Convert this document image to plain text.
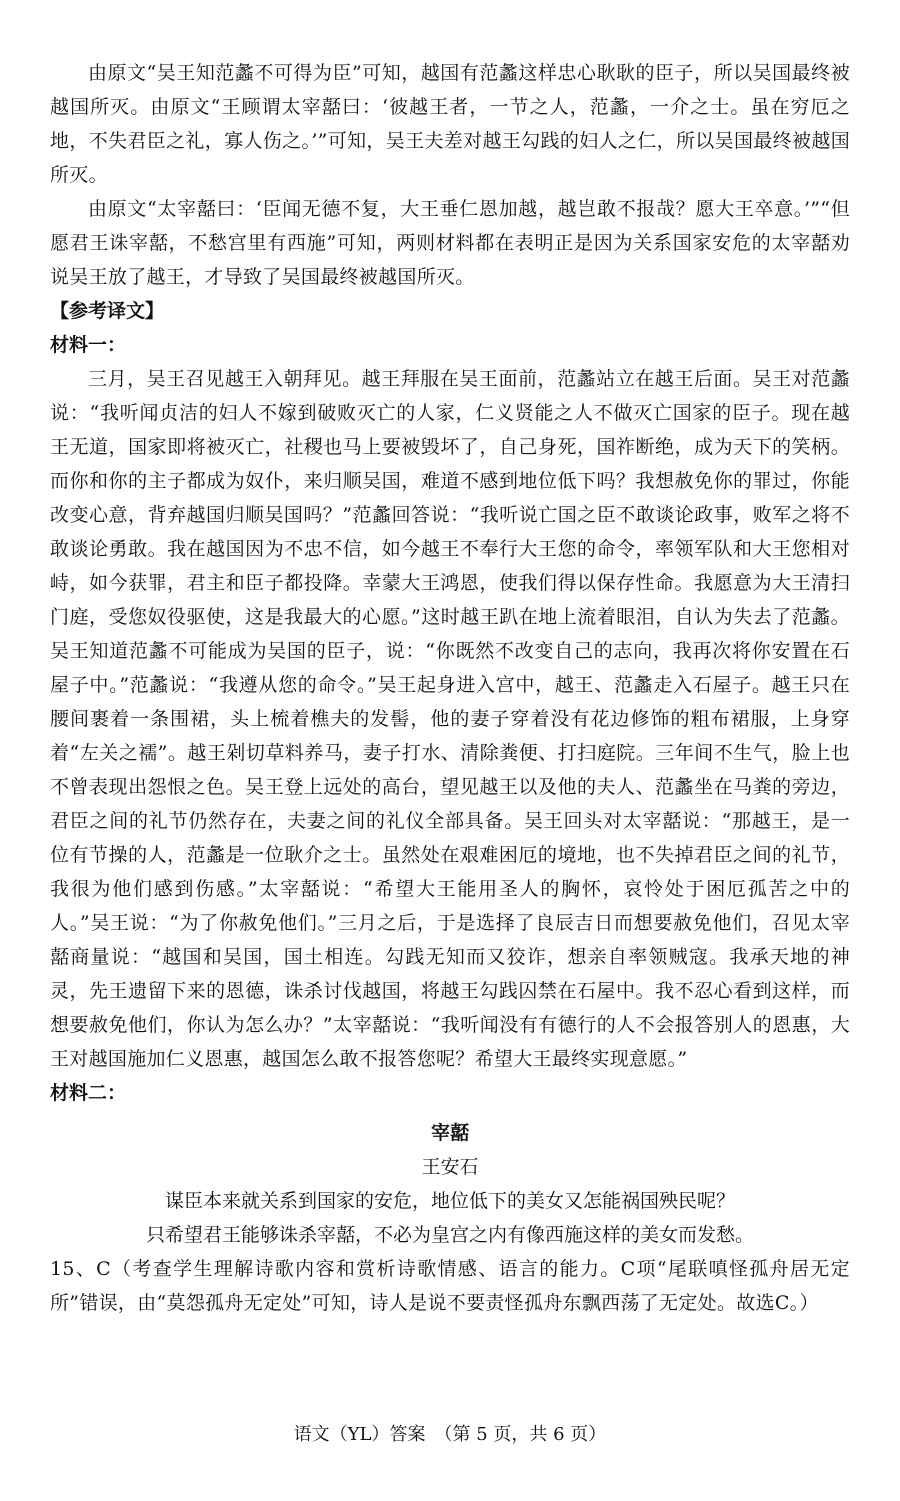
由原文“吴王知范蠡不可得为臣”可知，越国有范蠡这样忠心耿耿的臣子，所以吴国最终被越国所灭。由原文“王顾谓太宰嚭曰：‘彼越王者，一节之人，范蠡，一介之士。虽在穷厄之地，不失君臣之礼，寡人伤之。’”可知，吴王夫差对越王勾践的妇人之仁，所以吴国最终被越国所灭。

由原文“太宰嚭曰：‘臣闻无德不复，大王垂仁恩加越，越岂敢不报哉？愿大王卒意。’”“但愿君王诛宰嚭，不愁宫里有西施”可知，两则材料都在表明正是因为关系国家安危的太宰嚭劝说吴王放了越王，才导致了吴国最终被越国所灭。

【参考译文】

材料一：

三月，吴王召见越王入朝拜见。越王拜服在吴王面前，范蠡站立在越王后面。吴王对范蠡说：“我听闻贞洁的妇人不嫁到破败灭亡的人家，仁义贤能之人不做灭亡国家的臣子。现在越王无道，国家即将被灭亡，社稷也马上要被毁坏了，自己身死，国祚断绝，成为天下的笑柄。而你和你的主子都成为奴仆，来归顺吴国，难道不感到地位低下吗？我想赦免你的罪过，你能改变心意，背弃越国归顺吴国吗？”范蠡回答说：“我听说亡国之臣不敢谈论政事，败军之将不敢谈论勇敢。我在越国因为不忠不信，如今越王不奉行大王您的命令，率领军队和大王您相对峙，如今获罪，君主和臣子都投降。幸蒙大王鸿恩，使我们得以保存性命。我愿意为大王清扫门庭，受您奴役驱使，这是我最大的心愿。”这时越王趴在地上流着眼泪，自认为失去了范蠡。吴王知道范蠡不可能成为吴国的臣子，说：“你既然不改变自己的志向，我再次将你安置在石屋子中。”范蠡说：“我遵从您的命令。”吴王起身进入宫中，越王、范蠡走入石屋子。越王只在腰间裹着一条围裙，头上梳着樵夫的发髻，他的妻子穿着没有花边修饰的粗布裙服，上身穿着“左关之襦”。越王剁切草料养马，妻子打水、清除粪便、打扫庭院。三年间不生气，脸上也不曾表现出怨恨之色。吴王登上远处的高台，望见越王以及他的夫人、范蠡坐在马粪的旁边，君臣之间的礼节仍然存在，夫妻之间的礼仪全部具备。吴王回头对太宰嚭说：“那越王，是一位有节操的人，范蠡是一位耿介之士。虽然处在艰难困厄的境地，也不失掉君臣之间的礼节，我很为他们感到伤感。”太宰嚭说：“希望大王能用圣人的胸怀，哀怜处于困厄孤苦之中的人。”吴王说：“为了你赦免他们。”三月之后，于是选择了良辰吉日而想要赦免他们，召见太宰嚭商量说：“越国和吴国，国土相连。勾践无知而又狡诈，想亲自率领贼寇。我承天地的神灵，先王遗留下来的恩德，诛杀讨伐越国，将越王勾践囚禁在石屋中。我不忍心看到这样，而想要赦免他们，你认为怎么办？”太宰嚭说：“我听闻没有有德行的人不会报答别人的恩惠，大王对越国施加仁义恩惠，越国怎么敢不报答您呢？希望大王最终实现意愿。”

材料二：

宰嚭

王安石

谋臣本来就关系到国家的安危，地位低下的美女又怎能祸国殃民呢？

只希望君王能够诛杀宰嚭，不必为皇宫之内有像西施这样的美女而发愁。

15、C（考查学生理解诗歌内容和赏析诗歌情感、语言的能力。C项“尾联嗔怪孤舟居无定所”错误，由“莫怨孤舟无定处”可知，诗人是说不要责怪孤舟东飘西荡了无定处。故选C。）

语文（YL）答案　（第 5 页，共 6 页）
